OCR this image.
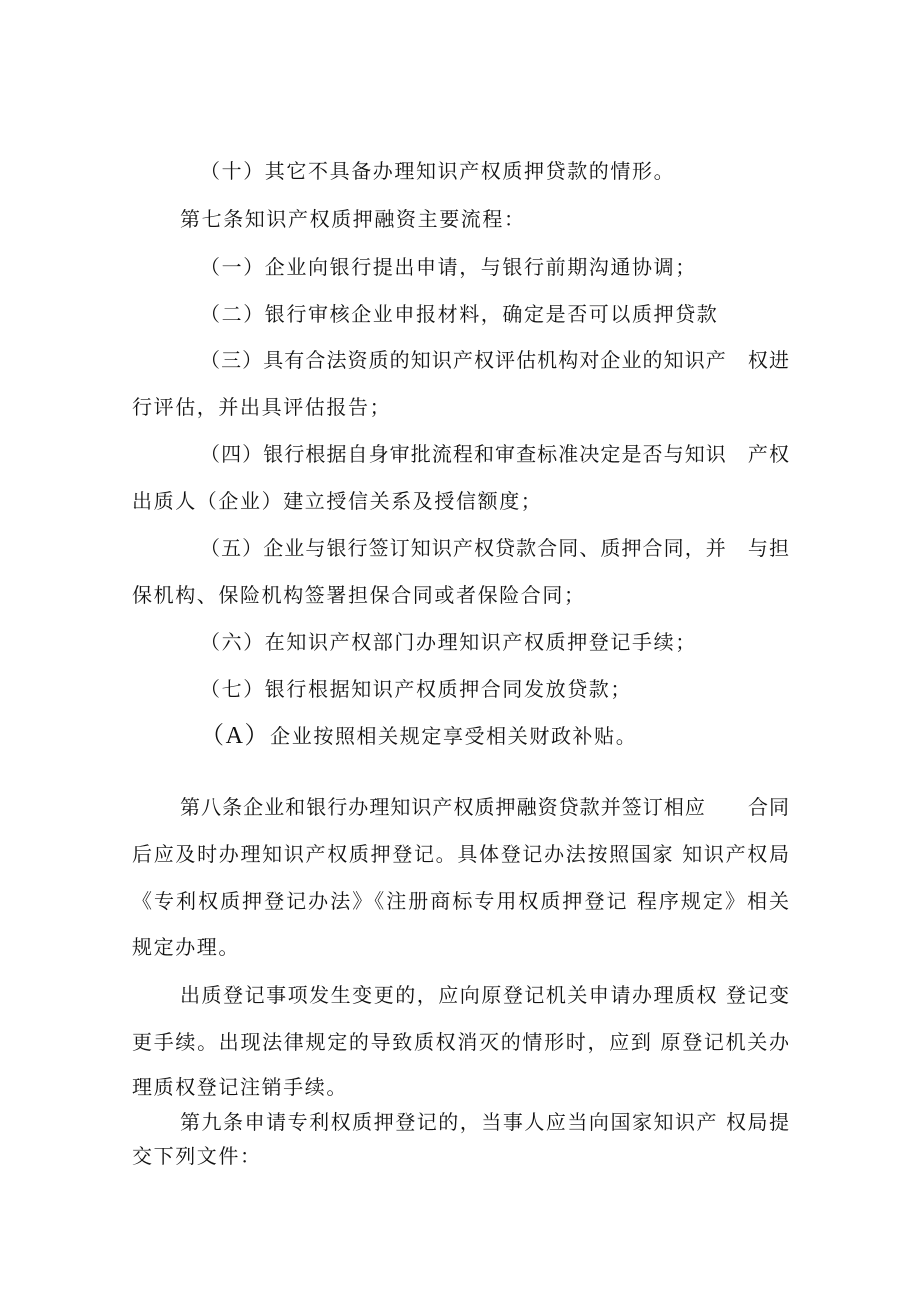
（十）其它不具备办理知识产权质押贷款的情形。
第七条知识产权质押融资主要流程：
（一）企业向银行提出申请，与银行前期沟通协调；
（二）银行审核企业申报材料，确定是否可以质押贷款
（三）具有合法资质的知识产权评估机构对企业的知识产　权进
行评估，并出具评估报告；
（四）银行根据自身审批流程和审查标准决定是否与知识　产权
出质人（企业）建立授信关系及授信额度；
（五）企业与银行签订知识产权贷款合同、质押合同，并　与担
保机构、保险机构签署担保合同或者保险合同；
（六）在知识产权部门办理知识产权质押登记手续；
（七）银行根据知识产权质押合同发放贷款；
（A）企业按照相关规定享受相关财政补贴。
第八条企业和银行办理知识产权质押融资贷款并签订相应　　合同
后应及时办理知识产权质押登记。具体登记办法按照国家 知识产权局
《专利权质押登记办法》《注册商标专用权质押登记 程序规定》相关
规定办理。
出质登记事项发生变更的，应向原登记机关申请办理质权 登记变
更手续。出现法律规定的导致质权消灭的情形时，应到 原登记机关办
理质权登记注销手续。
第九条申请专利权质押登记的，当事人应当向国家知识产 权局提
交下列文件：
